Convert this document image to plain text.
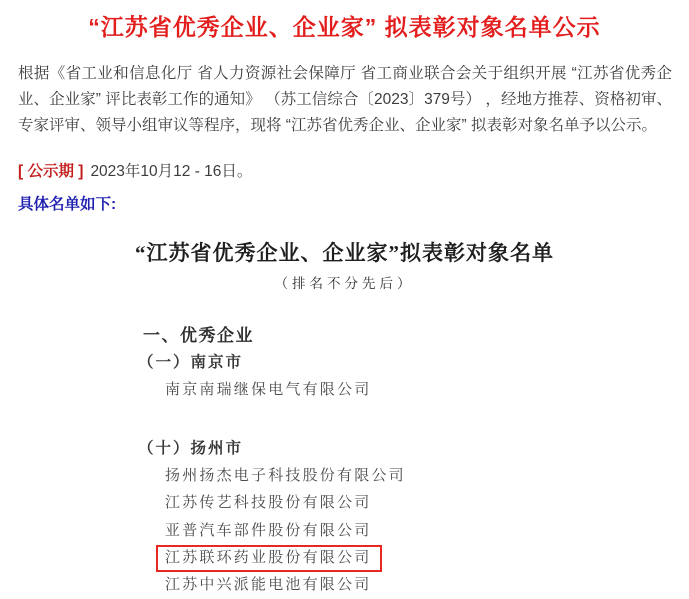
“江苏省优秀企业、企业家” 拟表彰对象名单公示

根据《省工业和信息化厅 省人力资源社会保障厅 省工商业联合会关于组织开展 “江苏省优秀企业、企业家” 评比表彰工作的通知》 （苏工信综合〔2023〕379号） ，经地方推荐、资格初审、专家评审、领导小组审议等程序，现将 “江苏省优秀企业、企业家” 拟表彰对象名单予以公示。

[ 公示期 ] 2023年10月12 - 16日。

具体名单如下:

“江苏省优秀企业、企业家”拟表彰对象名单
（排名不分先后）
一、优秀企业
（一）南京市
南京南瑞继保电气有限公司
（十）扬州市
扬州扬杰电子科技股份有限公司
江苏传艺科技股份有限公司
亚普汽车部件股份有限公司
江苏联环药业股份有限公司
江苏中兴派能电池有限公司
